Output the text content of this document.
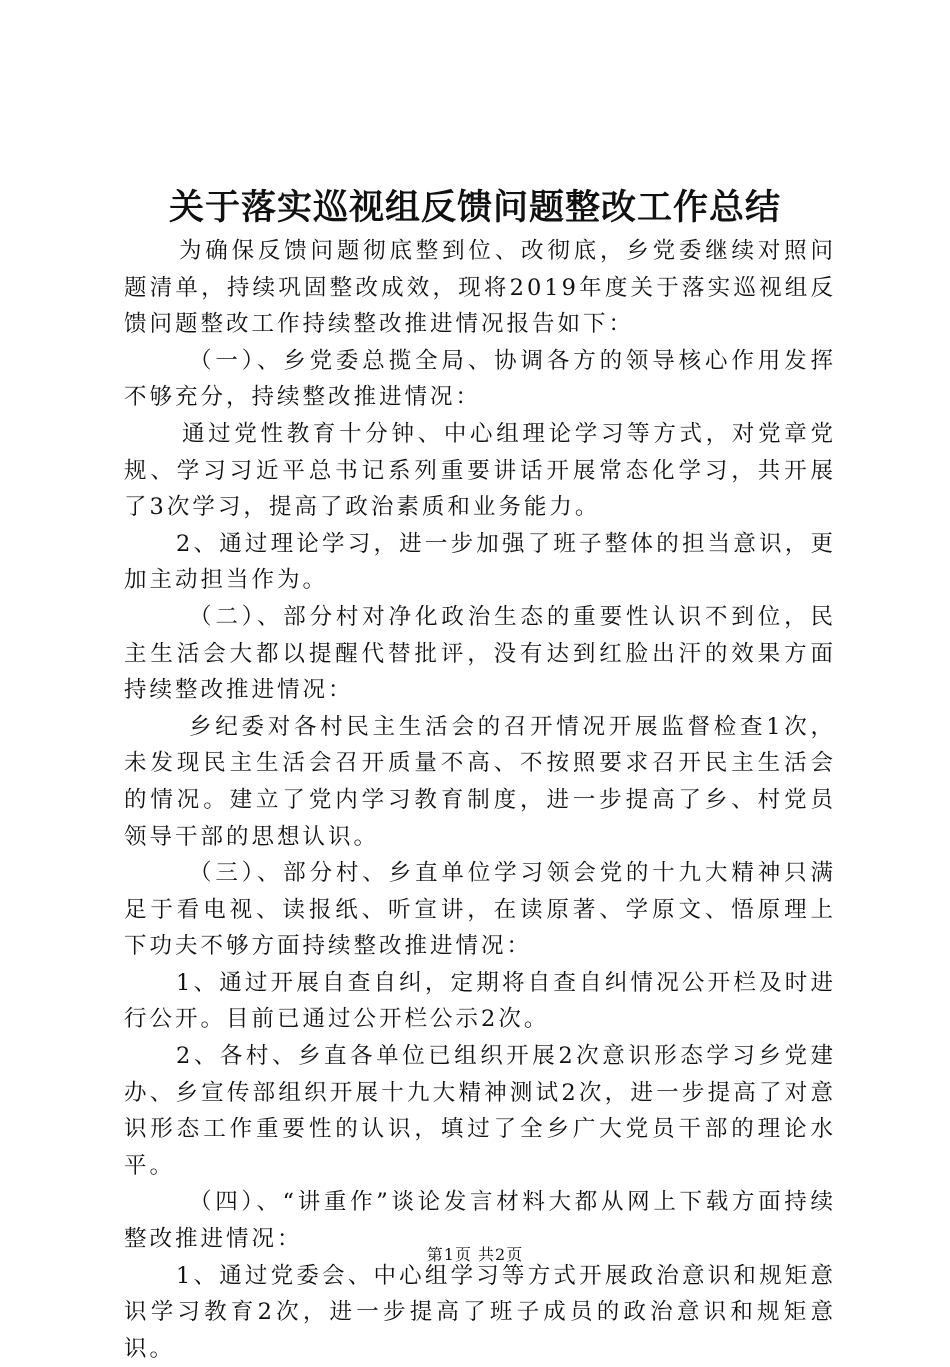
关于落实巡视组反馈问题整改工作总结

为确保反馈问题彻底整到位、改彻底，乡党委继续对照问题清单，持续巩固整改成效，现将2019年度关于落实巡视组反馈问题整改工作持续整改推进情况报告如下：

（一）、乡党委总揽全局、协调各方的领导核心作用发挥不够充分，持续整改推进情况：

通过党性教育十分钟、中心组理论学习等方式，对党章党规、学习习近平总书记系列重要讲话开展常态化学习，共开展了3次学习，提高了政治素质和业务能力。

2、通过理论学习，进一步加强了班子整体的担当意识，更加主动担当作为。

（二）、部分村对净化政治生态的重要性认识不到位，民主生活会大都以提醒代替批评，没有达到红脸出汗的效果方面持续整改推进情况：

乡纪委对各村民主生活会的召开情况开展监督检查1次，未发现民主生活会召开质量不高、不按照要求召开民主生活会的情况。建立了党内学习教育制度，进一步提高了乡、村党员领导干部的思想认识。

（三）、部分村、乡直单位学习领会党的十九大精神只满足于看电视、读报纸、听宣讲，在读原著、学原文、悟原理上下功夫不够方面持续整改推进情况：

1、通过开展自查自纠，定期将自查自纠情况公开栏及时进行公开。目前已通过公开栏公示2次。

2、各村、乡直各单位已组织开展2次意识形态学习乡党建办、乡宣传部组织开展十九大精神测试2次，进一步提高了对意识形态工作重要性的认识，填过了全乡广大党员干部的理论水平。

（四）、“讲重作”谈论发言材料大都从网上下载方面持续整改推进情况：

1、通过党委会、中心组学习等方式开展政治意识和规矩意识学习教育2次，进一步提高了班子成员的政治意识和规矩意识。

第1页 共2页
